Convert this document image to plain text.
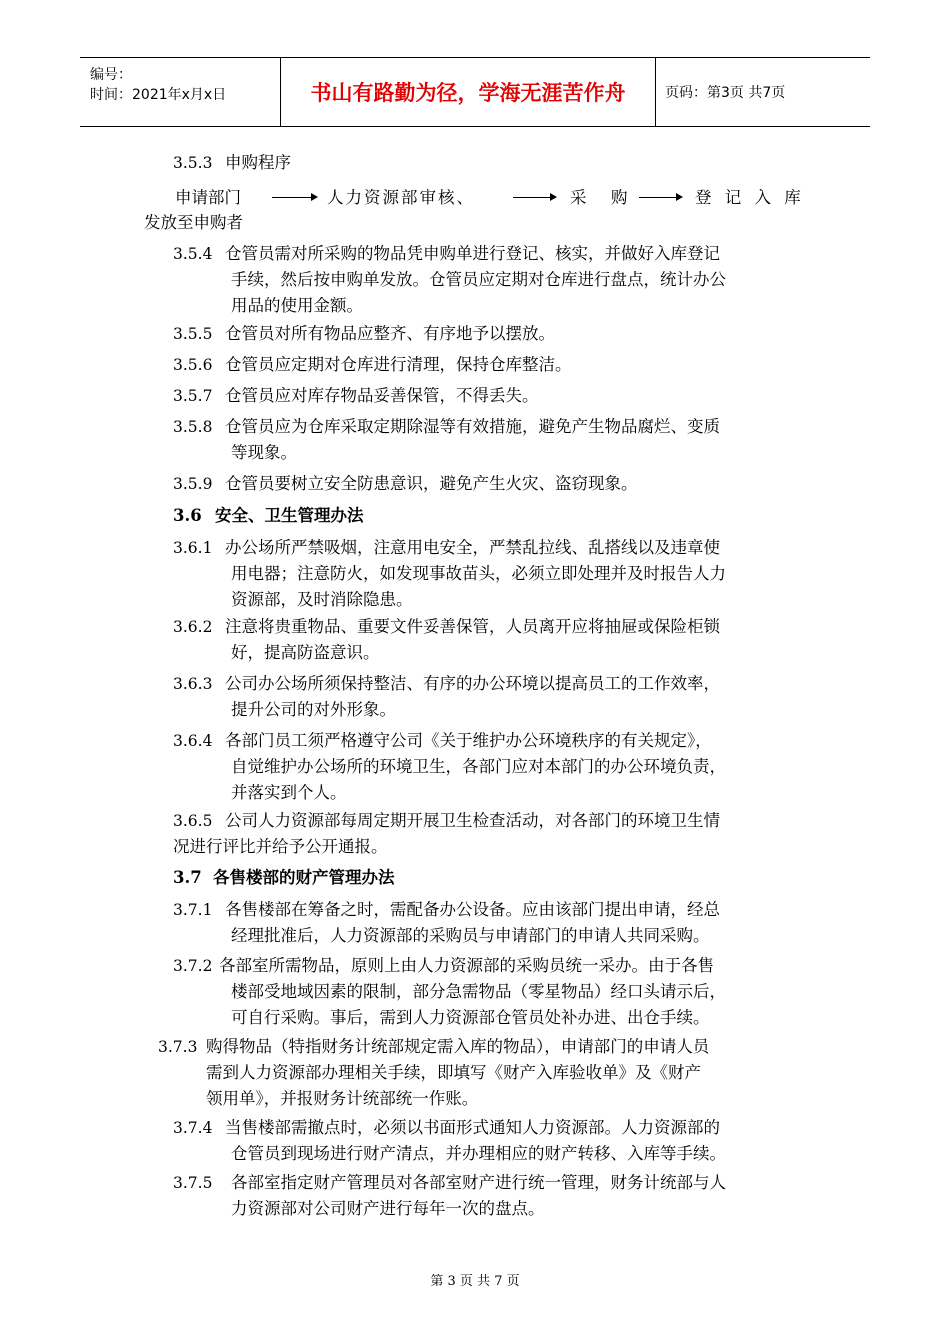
编号：
时间：2021年x月x日	书山有路勤为径，学海无涯苦作舟	页码：第3页 共7页
3.5.3 申购程序
申请部门	人力资源部审核、	采　购	登 记 入 库
发放至申购者
3.5.4 仓管员需对所采购的物品凭申购单进行登记、核实，并做好入库登记
手续，然后按申购单发放。仓管员应定期对仓库进行盘点，统计办公
用品的使用金额。
3.5.5 仓管员对所有物品应整齐、有序地予以摆放。
3.5.6 仓管员应定期对仓库进行清理，保持仓库整洁。
3.5.7 仓管员应对库存物品妥善保管，不得丢失。
3.5.8 仓管员应为仓库采取定期除湿等有效措施，避免产生物品腐烂、变质
等现象。
3.5.9 仓管员要树立安全防患意识，避免产生火灾、盗窃现象。
3.6 安全、卫生管理办法
3.6.1 办公场所严禁吸烟，注意用电安全，严禁乱拉线、乱搭线以及违章使
用电器；注意防火，如发现事故苗头，必须立即处理并及时报告人力
资源部，及时消除隐患。
3.6.2 注意将贵重物品、重要文件妥善保管，人员离开应将抽屉或保险柜锁
好，提高防盗意识。
3.6.3 公司办公场所须保持整洁、有序的办公环境以提高员工的工作效率，
提升公司的对外形象。
3.6.4 各部门员工须严格遵守公司《关于维护办公环境秩序的有关规定》，
自觉维护办公场所的环境卫生，各部门应对本部门的办公环境负责，
并落实到个人。
3.6.5 公司人力资源部每周定期开展卫生检查活动，对各部门的环境卫生情
况进行评比并给予公开通报。
3.7 各售楼部的财产管理办法
3.7.1 各售楼部在筹备之时，需配备办公设备。应由该部门提出申请，经总
经理批准后，人力资源部的采购员与申请部门的申请人共同采购。
3.7.2 各部室所需物品，原则上由人力资源部的采购员统一采办。由于各售
楼部受地域因素的限制，部分急需物品（零星物品）经口头请示后，
可自行采购。事后，需到人力资源部仓管员处补办进、出仓手续。
3.7.3 购得物品（特指财务计统部规定需入库的物品），申请部门的申请人员
需到人力资源部办理相关手续，即填写《财产入库验收单》及《财产
领用单》，并报财务计统部统一作账。
3.7.4 当售楼部需撤点时，必须以书面形式通知人力资源部。人力资源部的
仓管员到现场进行财产清点，并办理相应的财产转移、入库等手续。
3.7.5 各部室指定财产管理员对各部室财产进行统一管理，财务计统部与人
力资源部对公司财产进行每年一次的盘点。
第 3 页 共 7 页
